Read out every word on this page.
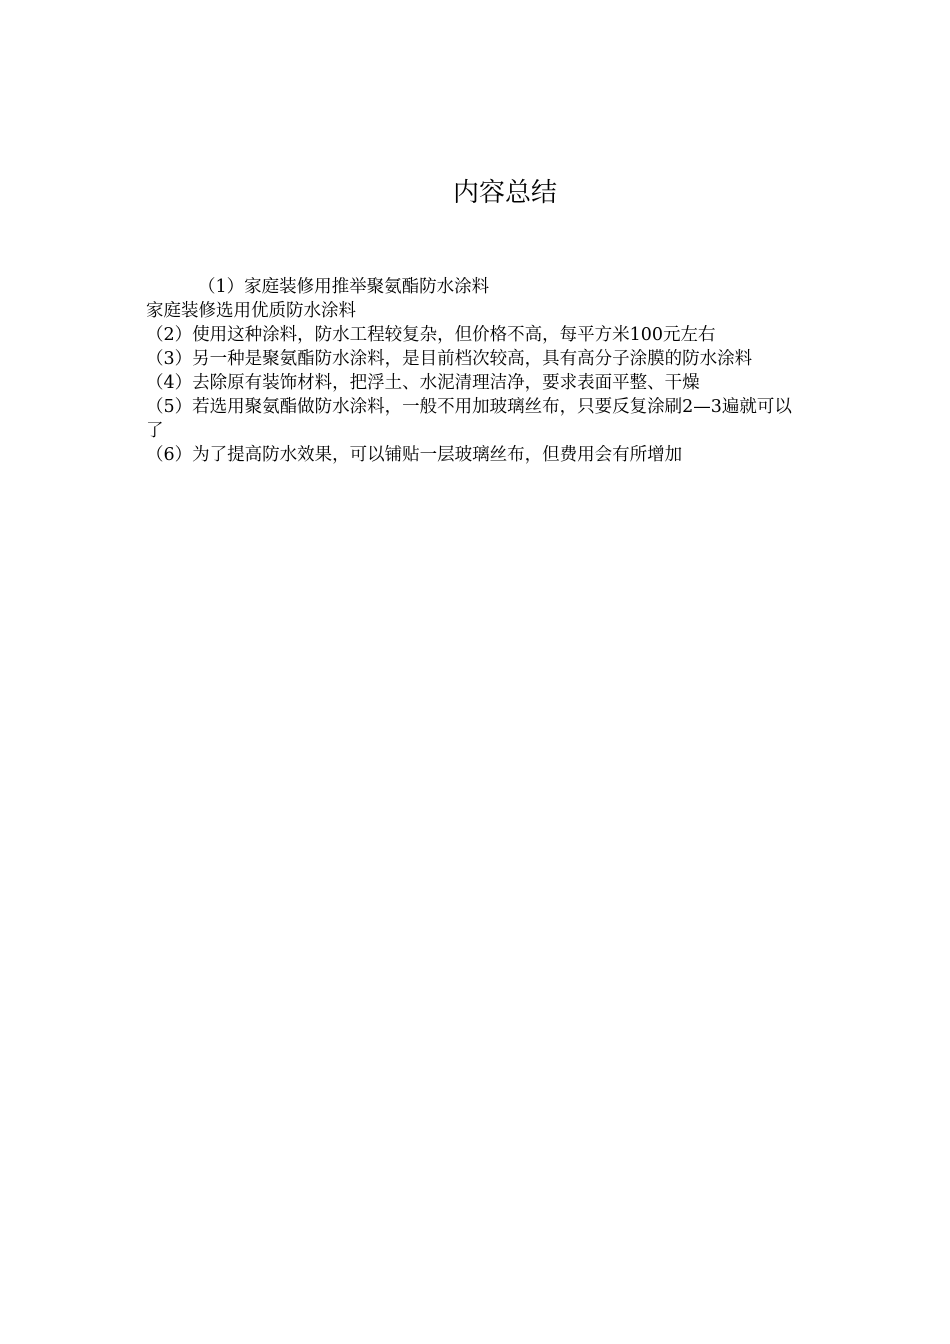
内容总结

（1）家庭装修用推举聚氨酯防水涂料

家庭装修选用优质防水涂料

（2）使用这种涂料，防水工程较复杂，但价格不高，每平方米100元左右

（3）另一种是聚氨酯防水涂料，是目前档次较高，具有高分子涂膜的防水涂料

（4）去除原有装饰材料，把浮土、水泥清理洁净，要求表面平整、干燥

（5）若选用聚氨酯做防水涂料，一般不用加玻璃丝布，只要反复涂刷2—3遍就可以了

（6）为了提高防水效果，可以铺贴一层玻璃丝布，但费用会有所增加
